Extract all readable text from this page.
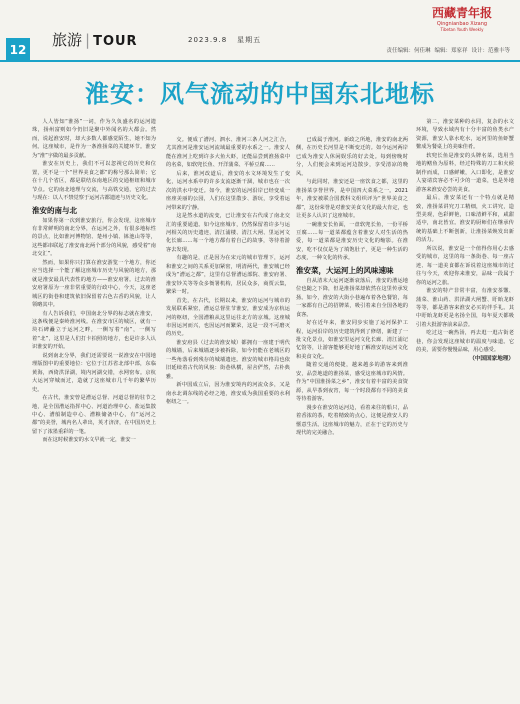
12
旅游 | TOUR	2023.9.8 星期五
西藏青年报
Qingnianbao Xizang
Tibetan Youth Weekly
责任编辑：何佳琳 编辑：郑家祥 设计：范雅丰等
淮安：风气流动的中国东北地标

人人皆知“淮扬”一词，作为久负盛名的运河遗珠，扬州富则如今仍旧是聚中外闻名的大都会。然而，说起淮安时，却大多数人都感觉陌生，她不知为何。这座城市，是作为一条淮扬菜的关键环节。淮安为“淮”字做的最多贡献。

淮安在历史上，我们不可以忽视它的历史和位置，更不是一个“世界美食之都”的称号那么简单；它在十几个省区，都是联结东南地区的交通枢纽和城市节点。它的南北地理与交流，与高铁交通，它的过去与现在：以人不禁觉察于运河古都遗迹与历史文化。

淮安的南与北

如果你第一次到淮安旅行，你会发现，这座城市有非常鲜明的南北分界，在运河之外，有很多地标性的景点，比如淮河博物馆、楚州小镇、钵池山等等，这些都串联起了淮安南北两个部分的风貌，感受着“南北交汇”。

然而，如果你只打算在淮安游览一个地方，你还应当选择一个能了解这座城市历史与风貌的地方，那就是淮安最具代表性的地方——淮安府署。过去的淮安府署原为一座非常重要的行政中心，今天，这座老城区的街巷和建筑依旧保留着古色古香的风貌，让人领略其中。

有人告诉我们，中国南北分界的标志就在淮安，这条线便是秦岭淮河线。在淮安市区的城区，就有一块石碑矗立于运河之畔，一侧写着“南”，一侧写着“北”，这里是人们打卡拍照的地方，也是许多人认识淮安的开始。

说到南北分界，我们还需要说一说淮安在中国地理版图中的重要地位：它位于江苏省北部中部，东临黄海，西倚洪泽湖，境内河湖交错，水网密布。京杭大运河穿城而过，造就了这座城市几千年的繁华历史。

在古代，淮安曾是漕运总督、河道总督的驻节之地，是全国漕运指挥中心、河道治理中心、盐运集散中心、漕船制造中心、漕粮储备中心，有“运河之都”的美誉，城内名人辈出，英才济济，在中国历史上留下了浓墨重彩的一笔。

而在这时候淮安的水文早就一定，淮安一

交。便成了漕河、泗水、淮河三条人河之汇合，尤其淮河是淮安运河流域最重要的水系之一。淮安人能在淮河上吃到许多大鱼大虾，还能品尝到淮扬菜中的名菜，如软兜长鱼、开洋蒲菜、平桥豆腐……

后来，淮河改道后，淮安的水文环境发生了变化，运河水系中的许多支流逐渐干涸，城市也在一次次的洪水中变迁。如今，淮安的运河沿岸已经变成一座座美丽的公园，人们在这里散步、游玩，享受着运河带来的宁静。

这是然水道的流变，已让淮安在古代成了南北交汇的重要通道。如今这座城市，仍然保留着许多与运河相关的历史遗迹，清江浦楼、清江大闸、里运河文化长廊……每一个地方都有着自己的故事，等待着游客去发现。

有趣的是，正是因为在宋元的城市管理下，运河和淮安之间的关系更加紧密，明清两代，淮安城已经成为“漕运之都”，这里有总督漕运部院、淮安府署、淮安钞关等等众多衙署机构，居民众多，商贾云集，繁荣一时。

首先，在古代，长期以来，淮安的运河与城市的发展联系紧密，漕运总督驻节淮安，淮安成为京杭运河的枢纽，全国漕粮从这里运往北方的京城。这座城市因运河而兴，也因运河而繁荣，这是一段不可磨灭的历史。

淮安府县（过去的淮安城）都拥有一座建于明代的城墙，后来城墙逐步被拆除，如今仍能在老城区的一些角落看到残存的城墙遗迹。淮安的城市格局也依旧延续着古代的风貌：街巷纵横，屋舍俨然，古朴典雅。

新中国成立后，因为淮安境内的河流众多，又是南水北调东线的必经之地，淮安成为我国重要的水利枢纽之一。

已成属于淮河。新政之所地，淮安的南北两侧，在历史长河里是不断变迁的。如今运河两岸已成为淮安人休闲娱乐的好去处。每到傍晚时分，人们便会来到运河边散步，享受清凉的晚风。

与此同时，淮安还是一座饮食之都，这里的淮扬菜享誉世界，是中国四大菜系之一。2021年，淮安被联合国教科文组织评为“世界美食之都”，这份荣誉是对淮安美食文化的最大肯定，也让更多人认识了这座城市。

一碗淮安长鱼面，一盘软兜长鱼，一份平桥豆腐……每一道菜都蕴含着淮安人对生活的热爱，每一道菜都是淮安历史文化的缩影。在淮安，吃不仅仅是为了填饱肚子，更是一种生活的态度，一种文化的传承。

淮安菜，大运河上的风味速味

自从清末大运河逐渐衰落后，淮安的漕运地位也随之下降，但是淮扬菜却依然在这里传承发扬。如今，淮安的大街小巷遍布着各色餐馆，每一家都有自己的招牌菜，吸引着来自全国各地的食客。

好在近年来，淮安同步实施了运河保护工程，运河沿岸的历史建筑得到了修缮，新建了一批文化景点，如淮安里运河文化长廊、清江浦记忆馆等，让游客能够更好地了解淮安的运河文化和美食文化。

随着交通的便捷，越来越多的游客来到淮安，品尝地道的淮扬菜，感受这座城市的风情。作为“中国淮扬菜之乡”，淮安有着丰富的美食资源，从早茶到夜宵，每一个时段都有不同的美食等待着游客。

漫步在淮安的运河边，看着来往的船只，品着香浓的茶，吃着精致的点心，这便是淮安人的惬意生活。这座城市的魅力，正在于它的历史与现代的完美融合。

第二，淮安菜种的水同，复杂的水文环境，导致水域内有十分丰富的鱼类水产资源，淮安人靠水吃水，运河里的鱼虾蟹鳖成为餐桌上的美味佳肴。

软兜长鱼是淮安的头牌名菜，选用当地的鳝鱼为原料，经过特殊的刀工和火候制作而成，口感鲜嫩，入口即化，是淮安人宴请宾客必不可少的一道菜，也是外地游客来淮安必尝的美食。

最后，淮安菜还有一个特点就是精致，淮扬菜讲究刀工精细，火工讲究，造型美观，色彩鲜艳，口味清鲜平和，咸甜适中，南北皆宜。淮安的厨师们在继承传统的基础上不断创新，让淮扬菜焕发出新的活力。

所以说，淮安是一个值得你用心去感受的城市，这里的每一条街巷、每一座古迹、每一道美食都在诉说着这座城市的过往与今天，欢迎你来淮安，品味一段属于你的运河之旅。

淮安的特产非常丰富，有淮安茶馓、蒲菜、淮山药、洪泽湖大闸蟹、盱眙龙虾等等，都是游客来淮安必买的伴手礼。其中盱眙龙虾更是名扬全国，每年夏天都吸引着大批游客前来品尝。

吃过这一碗热汤，再去逛一逛古街老巷，你会发现这座城市的温度与味道。它的美，需要你慢慢品味，用心感受。

（中国国家地理）
